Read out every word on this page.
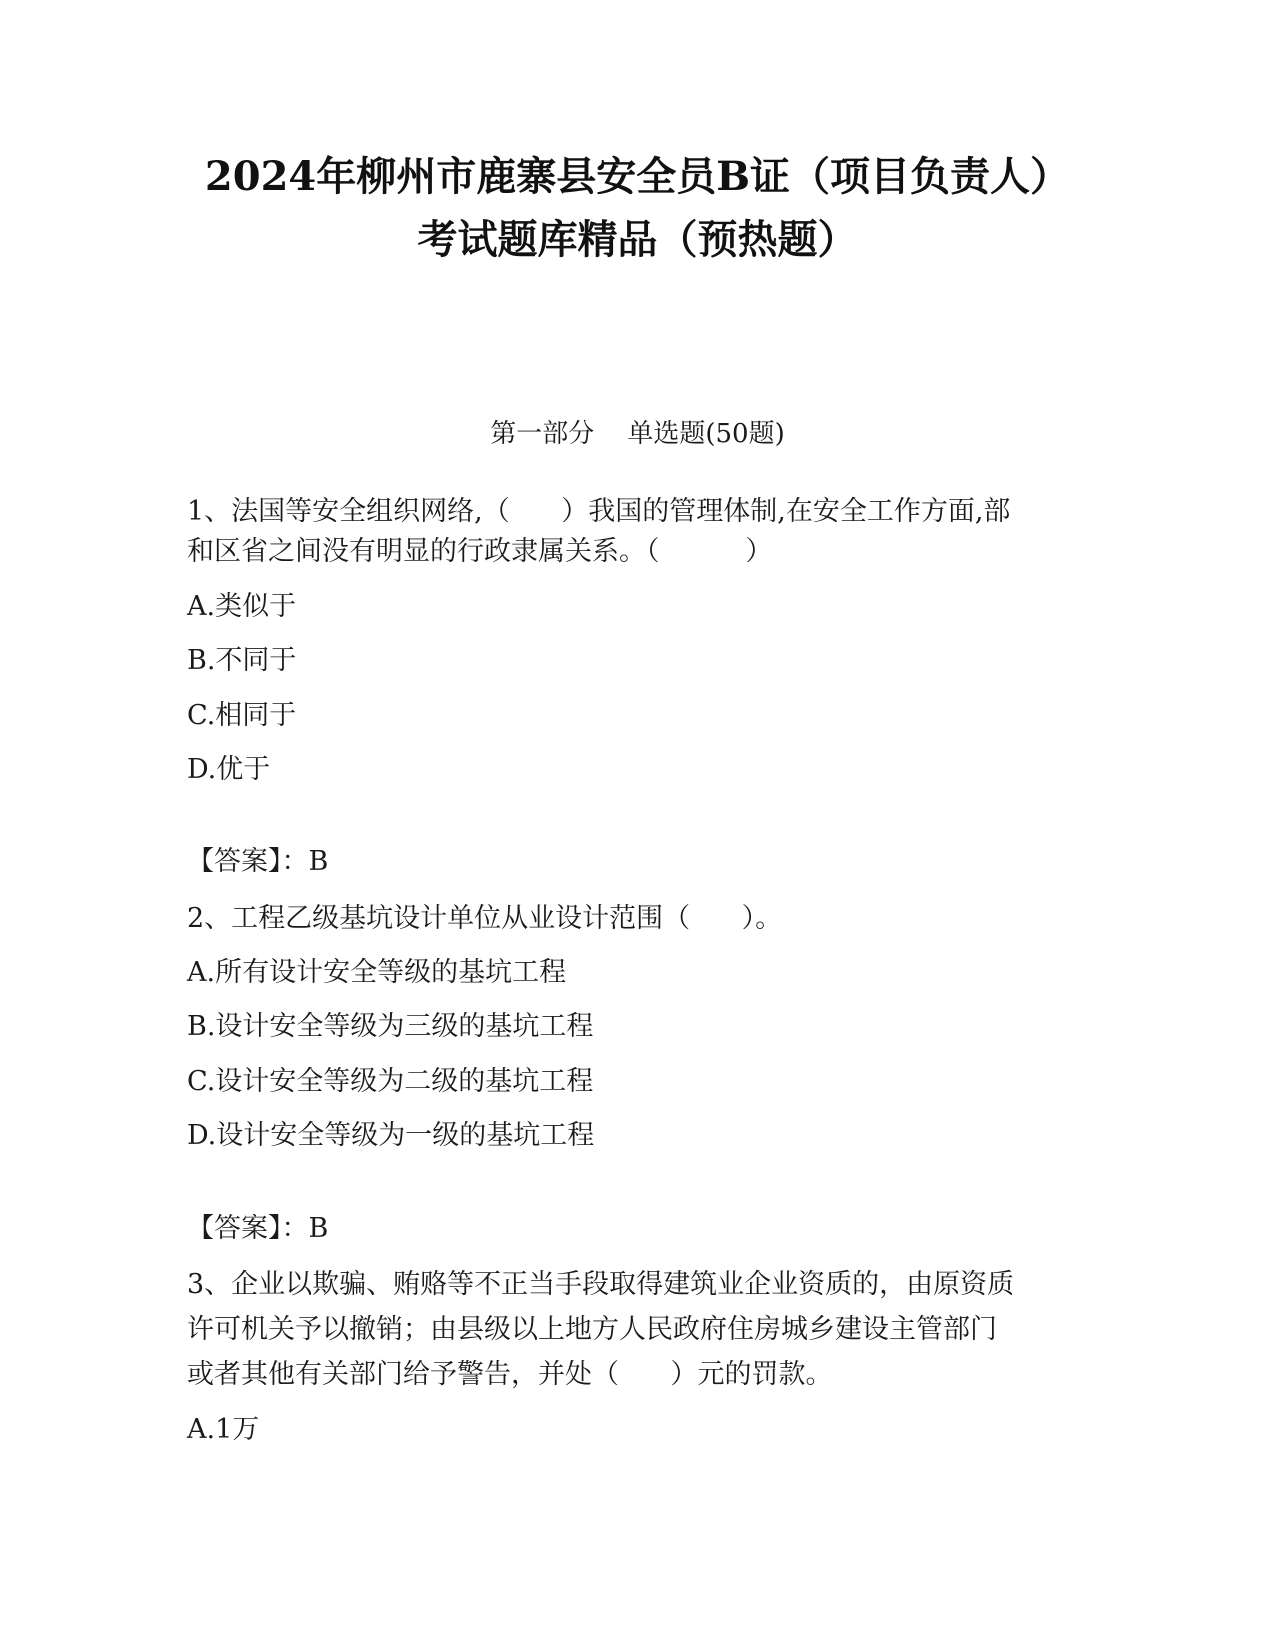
2024年柳州市鹿寨县安全员B证（项目负责人）
考试题库精品（预热题）
第一部分    单选题(50题)

1、法国等安全组织网络,（      ）我国的管理体制,在安全工作方面,部

和区省之间没有明显的行政隶属关系。（          ）

A.类似于

B.不同于

C.相同于

D.优于

【答案】：B

2、工程乙级基坑设计单位从业设计范围（      ）。

A.所有设计安全等级的基坑工程

B.设计安全等级为三级的基坑工程

C.设计安全等级为二级的基坑工程

D.设计安全等级为一级的基坑工程

【答案】：B

3、企业以欺骗、贿赂等不正当手段取得建筑业企业资质的，由原资质

许可机关予以撤销；由县级以上地方人民政府住房城乡建设主管部门

或者其他有关部门给予警告，并处（      ）元的罚款。

A.1万
